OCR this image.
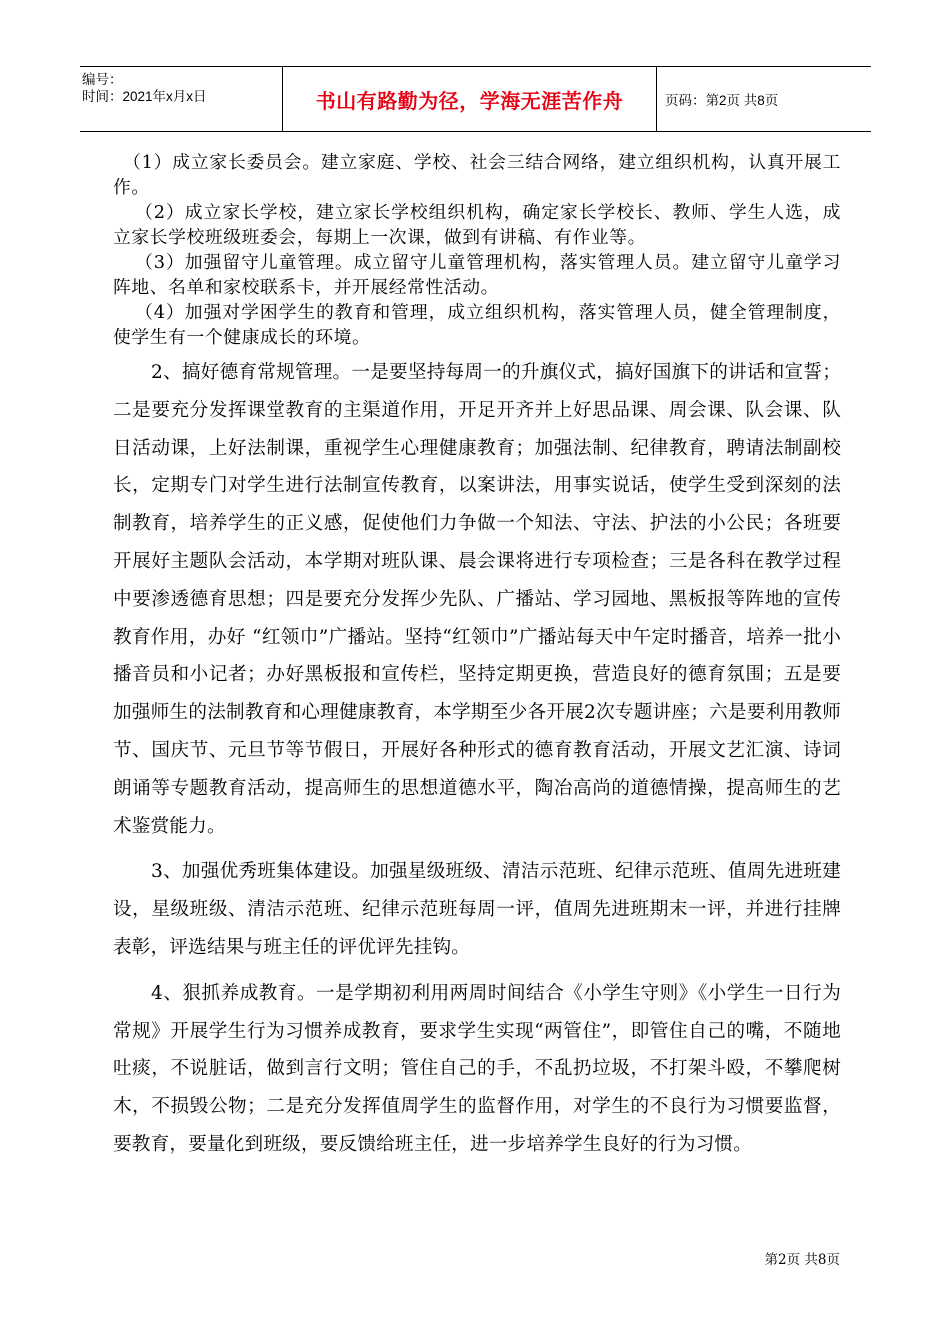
编号：
时间：2021年x月x日	书山有路勤为径，学海无涯苦作舟	页码：第2页 共8页

（1）成立家长委员会。建立家庭、学校、社会三结合网络，建立组织机构，认真开展工作。

（2）成立家长学校，建立家长学校组织机构，确定家长学校长、教师、学生人选，成立家长学校班级班委会，每期上一次课，做到有讲稿、有作业等。

（3）加强留守儿童管理。成立留守儿童管理机构，落实管理人员。建立留守儿童学习阵地、名单和家校联系卡，并开展经常性活动。

（4）加强对学困学生的教育和管理，成立组织机构，落实管理人员，健全管理制度，使学生有一个健康成长的环境。

2、搞好德育常规管理。一是要坚持每周一的升旗仪式，搞好国旗下的讲话和宣誓；二是要充分发挥课堂教育的主渠道作用，开足开齐并上好思品课、周会课、队会课、队日活动课，上好法制课，重视学生心理健康教育；加强法制、纪律教育，聘请法制副校长，定期专门对学生进行法制宣传教育，以案讲法，用事实说话，使学生受到深刻的法制教育，培养学生的正义感，促使他们力争做一个知法、守法、护法的小公民；各班要开展好主题队会活动，本学期对班队课、晨会课将进行专项检查；三是各科在教学过程中要渗透德育思想；四是要充分发挥少先队、广播站、学习园地、黑板报等阵地的宣传教育作用，办好 “红领巾”广播站。坚持“红领巾”广播站每天中午定时播音，培养一批小播音员和小记者；办好黑板报和宣传栏，坚持定期更换，营造良好的德育氛围；五是要加强师生的法制教育和心理健康教育，本学期至少各开展2次专题讲座；六是要利用教师节、国庆节、元旦节等节假日，开展好各种形式的德育教育活动，开展文艺汇演、诗词朗诵等专题教育活动，提高师生的思想道德水平，陶冶高尚的道德情操，提高师生的艺术鉴赏能力。

3、加强优秀班集体建设。加强星级班级、清洁示范班、纪律示范班、值周先进班建设，星级班级、清洁示范班、纪律示范班每周一评，值周先进班期末一评，并进行挂牌表彰，评选结果与班主任的评优评先挂钩。

4、狠抓养成教育。一是学期初利用两周时间结合《小学生守则》《小学生一日行为常规》开展学生行为习惯养成教育，要求学生实现“两管住”，即管住自己的嘴，不随地吐痰，不说脏话，做到言行文明；管住自己的手，不乱扔垃圾，不打架斗殴，不攀爬树木，不损毁公物；二是充分发挥值周学生的监督作用，对学生的不良行为习惯要监督，要教育，要量化到班级，要反馈给班主任，进一步培养学生良好的行为习惯。

第2页 共8页
